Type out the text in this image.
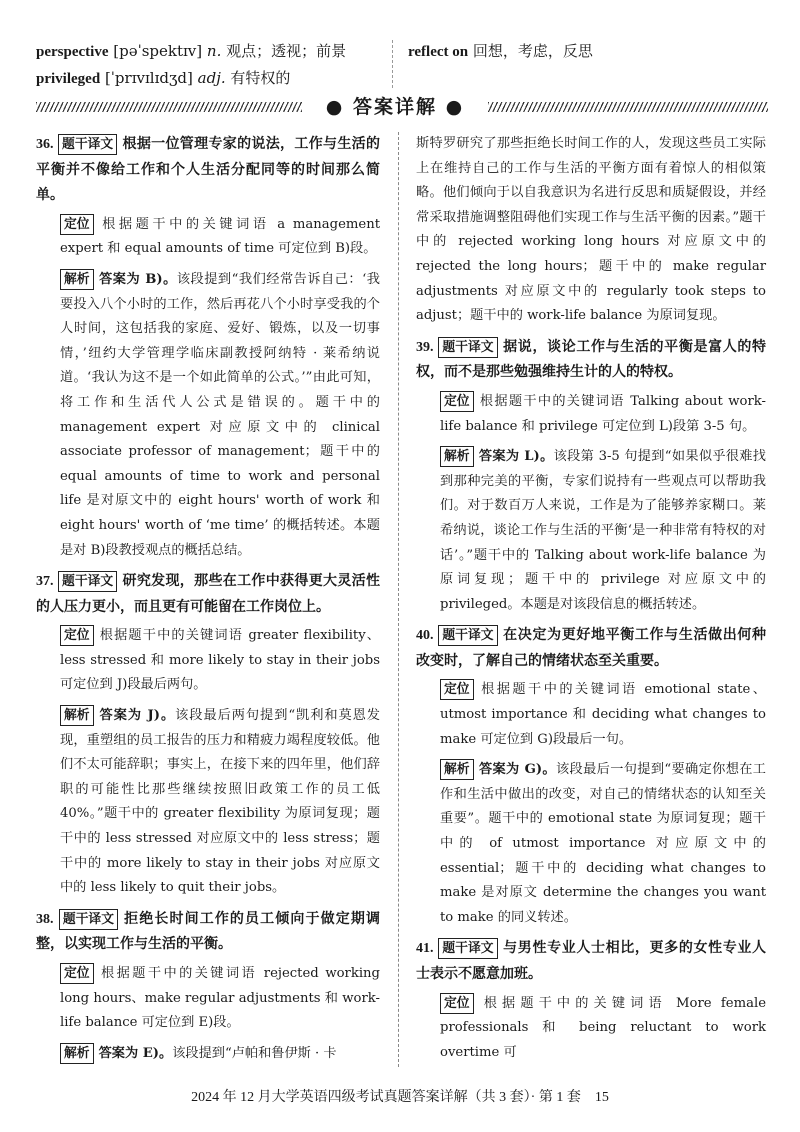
perspective [pəˈspektɪv] n. 观点；透视；前景
privileged [ˈprɪvɪlɪdʒd] adj. 有特权的
reflect on 回想，考虑，反思
● 答案详解 ●
36. 题干译文 根据一位管理专家的说法，工作与生活的平衡并不像给工作和个人生活分配同等的时间那么简单。
定位 根据题干中的关键词语 a management expert 和 equal amounts of time 可定位到 B)段。
解析 答案为 B)。该段提到“我们经常告诉自己：‘我要投入八个小时的工作，然后再花八个小时享受我的个人时间，这包括我的家庭、爱好、锻炼，以及一切事情，’纽约大学管理学临床副教授阿纳特 · 莱希纳说道。‘我认为这不是一个如此简单的公式。’”由此可知，将工作和生活代人公式是错误的。题干中的 management expert 对应原文中的 clinical associate professor of management；题干中的 equal amounts of time to work and personal life 是对原文中的 eight hours' worth of work 和 eight hours' worth of ‘me time’ 的概括转述。本题是对 B)段教授观点的概括总结。
37. 题干译文 研究发现，那些在工作中获得更大灵活性的人压力更小，而且更有可能留在工作岗位上。
定位 根据题干中的关键词语 greater flexibility、less stressed 和 more likely to stay in their jobs 可定位到 J)段最后两句。
解析 答案为 J)。该段最后两句提到“凯利和莫恩发现，重塑组的员工报告的压力和精疲力竭程度较低。他们不太可能辞职；事实上，在接下来的四年里，他们辞职的可能性比那些继续按照旧政策工作的员工低 40%。”题干中的 greater flexibility 为原词复现；题干中的 less stressed 对应原文中的 less stress；题干中的 more likely to stay in their jobs 对应原文中的 less likely to quit their jobs。
38. 题干译文 拒绝长时间工作的员工倾向于做定期调整，以实现工作与生活的平衡。
定位 根据题干中的关键词语 rejected working long hours、make regular adjustments 和 work-life balance 可定位到 E)段。
解析 答案为 E)。该段提到“卢帕和鲁伊斯 · 卡
斯特罗研究了那些拒绝长时间工作的人，发现这些员工实际上在维持自己的工作与生活的平衡方面有着惊人的相似策略。他们倾向于以自我意识为名进行反思和质疑假设，并经常采取措施调整阻碍他们实现工作与生活平衡的因素。”题干中的 rejected working long hours 对应原文中的 rejected the long hours；题干中的 make regular adjustments 对应原文中的 regularly took steps to adjust；题干中的 work-life balance 为原词复现。
39. 题干译文 据说，谈论工作与生活的平衡是富人的特权，而不是那些勉强维持生计的人的特权。
定位 根据题干中的关键词语 Talking about work-life balance 和 privilege 可定位到 L)段第 3-5 句。
解析 答案为 L)。该段第 3-5 句提到“如果似乎很难找到那种完美的平衡，专家们说持有一些观点可以帮助我们。对于数百万人来说，工作是为了能够养家糊口。莱希纳说，谈论工作与生活的平衡‘是一种非常有特权的对话’。”题干中的 Talking about work-life balance 为原词复现；题干中的 privilege 对应原文中的 privileged。本题是对该段信息的概括转述。
40. 题干译文 在决定为更好地平衡工作与生活做出何种改变时，了解自己的情绪状态至关重要。
定位 根据题干中的关键词语 emotional state、utmost importance 和 deciding what changes to make 可定位到 G)段最后一句。
解析 答案为 G)。该段最后一句提到“要确定你想在工作和生活中做出的改变，对自己的情绪状态的认知至关重要”。题干中的 emotional state 为原词复现；题干中的 of utmost importance 对应原文中的 essential；题干中的 deciding what changes to make 是对原文 determine the changes you want to make 的同义转述。
41. 题干译文 与男性专业人士相比，更多的女性专业人士表示不愿意加班。
定位 根据题干中的关键词语 More female professionals 和 being reluctant to work overtime 可
2024 年 12 月大学英语四级考试真题答案详解（共 3 套）· 第 1 套　15
